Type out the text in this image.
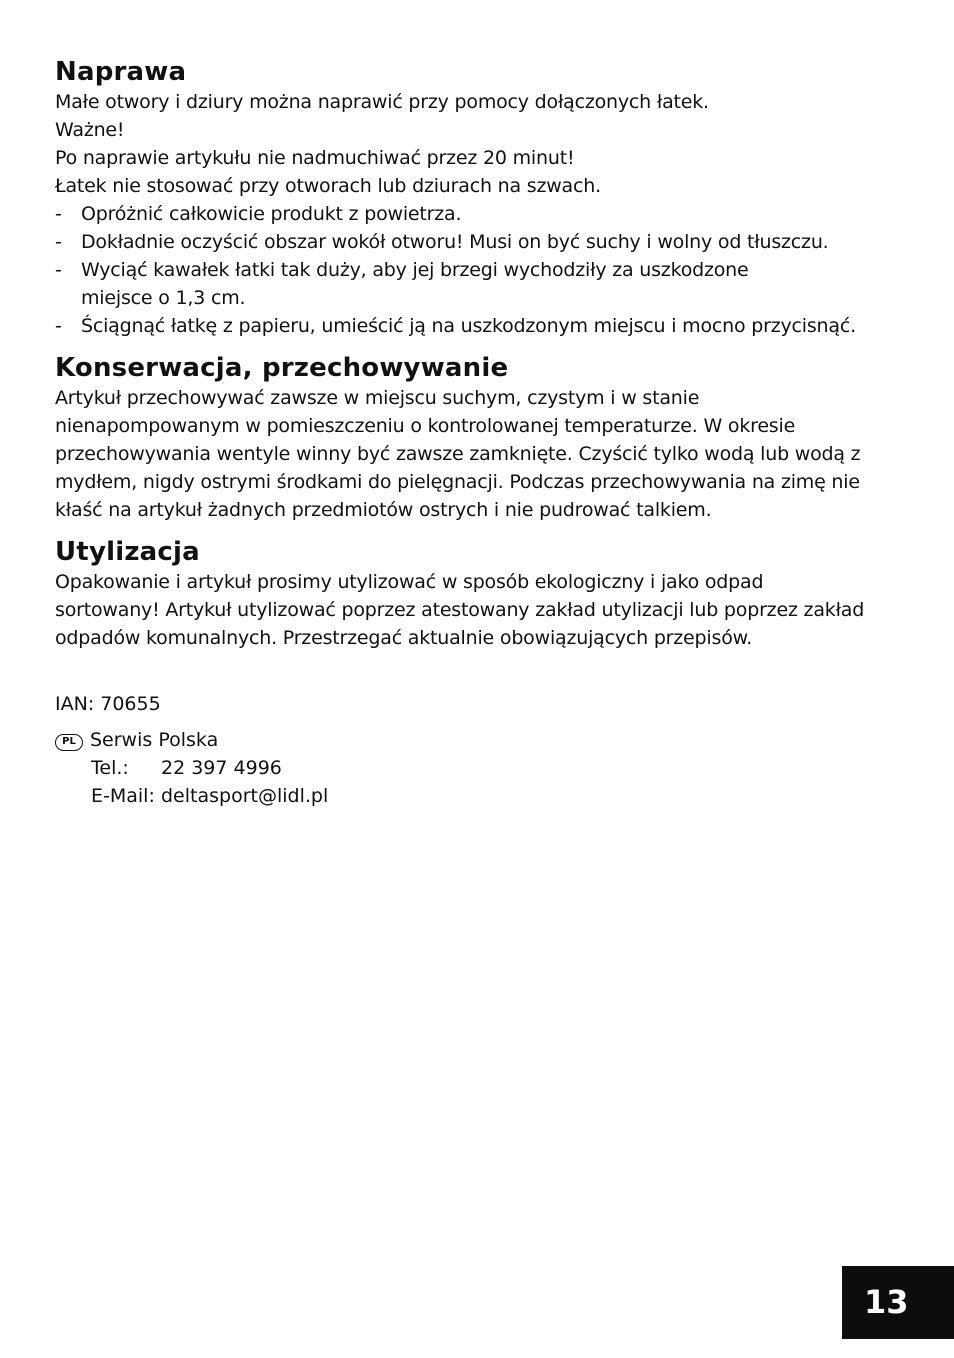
Naprawa

Małe otwory i dziury można naprawić przy pomocy dołączonych łatek.

Ważne!

Po naprawie artykułu nie nadmuchiwać przez 20 minut!

Łatek nie stosować przy otworach lub dziurach na szwach.

- Opróżnić całkowicie produkt z powietrza.
- Dokładnie oczyścić obszar wokół otworu! Musi on być suchy i wolny od tłuszczu.
- Wyciąć kawałek łatki tak duży, aby jej brzegi wychodziły za uszkodzone miejsce o 1,3 cm.
- Ściągnąć łatkę z papieru, umieścić ją na uszkodzonym miejscu i mocno przycisnąć.
Konserwacja, przechowywanie

Artykuł przechowywać zawsze w miejscu suchym, czystym i w stanie nienapompowanym w pomieszczeniu o kontrolowanej temperaturze. W okresie przechowywania wentyle winny być zawsze zamknięte. Czyścić tylko wodą lub wodą z mydłem, nigdy ostrymi środkami do pielęgnacji. Podczas przechowywania na zimę nie kłaść na artykuł żadnych przedmiotów ostrych i nie pudrować talkiem.

Utylizacja

Opakowanie i artykuł prosimy utylizować w sposób ekologiczny i jako odpad sortowany! Artykuł utylizować poprzez atestowany zakład utylizacji lub poprzez zakład odpadów komunalnych. Przestrzegać aktualnie obowiązujących przepisów.

IAN: 70655
PL Serwis Polska
Tel.: 22 397 4996
E-Mail: deltasport@lidl.pl
13
